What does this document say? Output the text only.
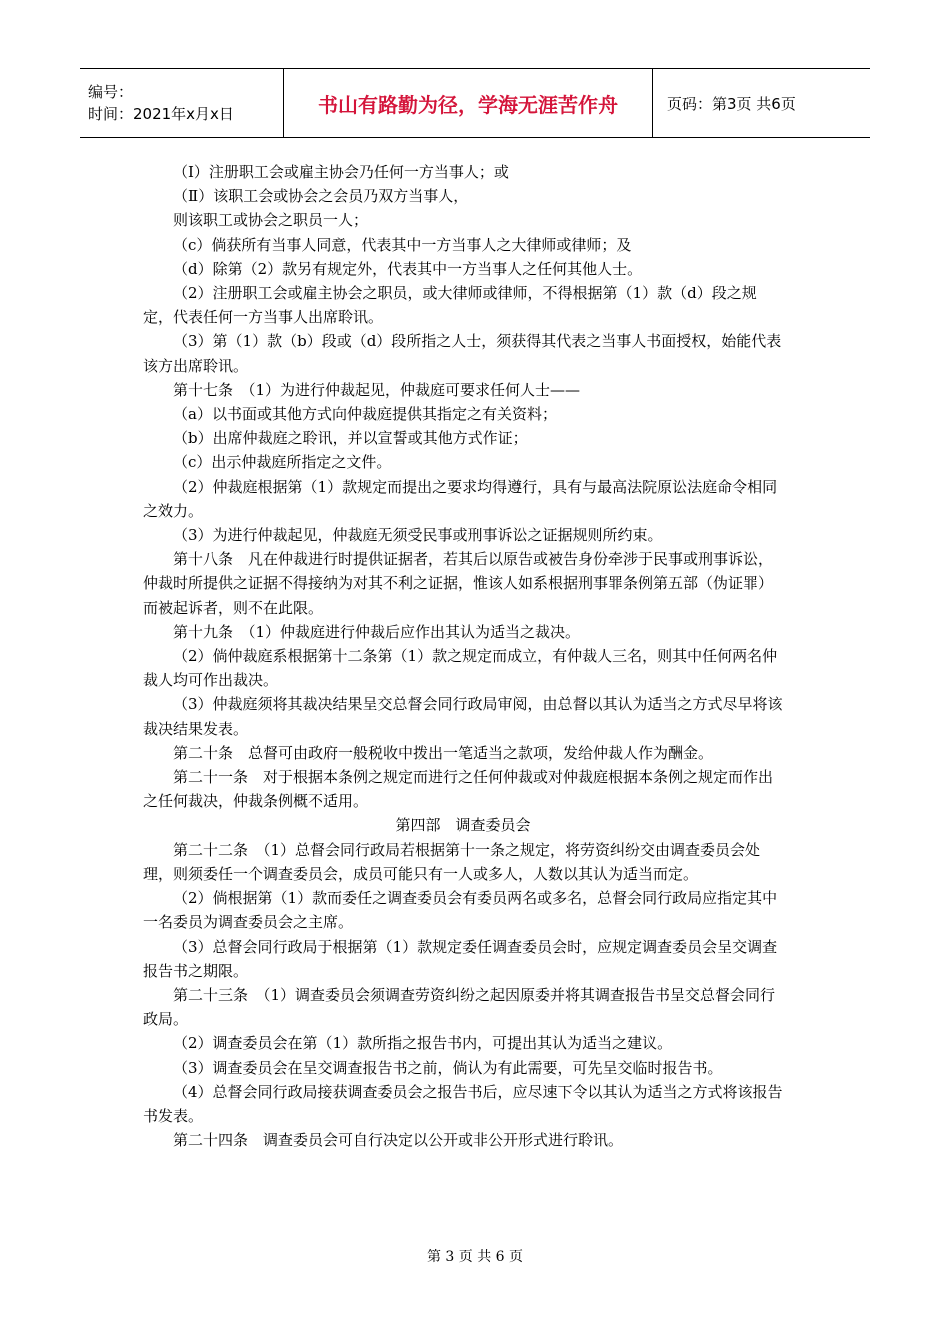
编号：
时间：2021年x月x日	书山有路勤为径，学海无涯苦作舟	页码：第3页 共6页

（Ⅰ）注册职工会或雇主协会乃任何一方当事人；或

（Ⅱ）该职工会或协会之会员乃双方当事人，

则该职工或协会之职员一人；

（c）倘获所有当事人同意，代表其中一方当事人之大律师或律师；及

（d）除第（2）款另有规定外，代表其中一方当事人之任何其他人士。

（2）注册职工会或雇主协会之职员，或大律师或律师，不得根据第（1）款（d）段之规定，代表任何一方当事人出席聆讯。

（3）第（1）款（b）段或（d）段所指之人士，须获得其代表之当事人书面授权，始能代表该方出席聆讯。

第十七条　（1）为进行仲裁起见，仲裁庭可要求任何人士——

（a）以书面或其他方式向仲裁庭提供其指定之有关资料；

（b）出席仲裁庭之聆讯，并以宣誓或其他方式作证；

（c）出示仲裁庭所指定之文件。

（2）仲裁庭根据第（1）款规定而提出之要求均得遵行，具有与最高法院原讼法庭命令相同之效力。

（3）为进行仲裁起见，仲裁庭无须受民事或刑事诉讼之证据规则所约束。

第十八条　凡在仲裁进行时提供证据者，若其后以原告或被告身份牵涉于民事或刑事诉讼，仲裁时所提供之证据不得接纳为对其不利之证据，惟该人如系根据刑事罪条例第五部（伪证罪）而被起诉者，则不在此限。

第十九条　（1）仲裁庭进行仲裁后应作出其认为适当之裁决。

（2）倘仲裁庭系根据第十二条第（1）款之规定而成立，有仲裁人三名，则其中任何两名仲裁人均可作出裁决。

（3）仲裁庭须将其裁决结果呈交总督会同行政局审阅，由总督以其认为适当之方式尽早将该裁决结果发表。

第二十条　总督可由政府一般税收中拨出一笔适当之款项，发给仲裁人作为酬金。

第二十一条　对于根据本条例之规定而进行之任何仲裁或对仲裁庭根据本条例之规定而作出之任何裁决，仲裁条例概不适用。

第四部　调查委员会

第二十二条　（1）总督会同行政局若根据第十一条之规定，将劳资纠纷交由调查委员会处理，则须委任一个调查委员会，成员可能只有一人或多人，人数以其认为适当而定。

（2）倘根据第（1）款而委任之调查委员会有委员两名或多名，总督会同行政局应指定其中一名委员为调查委员会之主席。

（3）总督会同行政局于根据第（1）款规定委任调查委员会时，应规定调查委员会呈交调查报告书之期限。

第二十三条　（1）调查委员会须调查劳资纠纷之起因原委并将其调查报告书呈交总督会同行政局。

（2）调查委员会在第（1）款所指之报告书内，可提出其认为适当之建议。

（3）调查委员会在呈交调查报告书之前，倘认为有此需要，可先呈交临时报告书。

（4）总督会同行政局接获调查委员会之报告书后，应尽速下令以其认为适当之方式将该报告书发表。

第二十四条　调查委员会可自行决定以公开或非公开形式进行聆讯。

第 3 页 共 6 页
